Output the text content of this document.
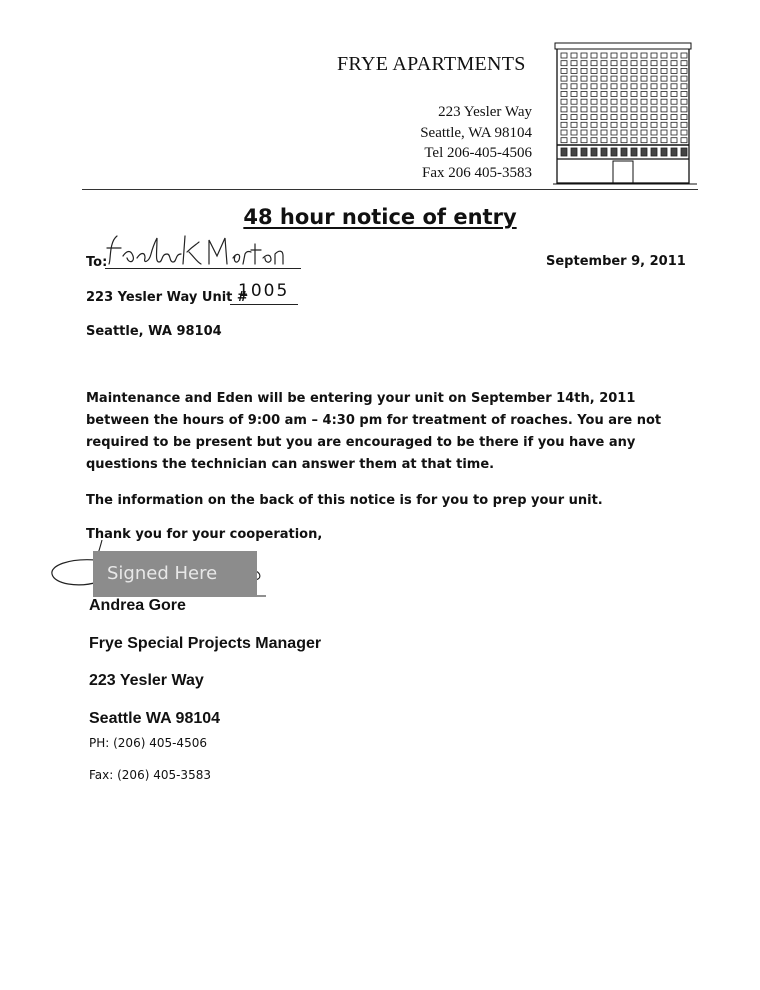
FRYE APARTMENTS
223 Yesler Way
Seattle, WA 98104
Tel 206-405-4506
Fax 206 405-3583
48 hour notice of entry
To:	September 9, 2011
223 Yesler Way Unit #
1005
Seattle, WA 98104
Maintenance and Eden will be entering your unit on September 14th, 2011 between the hours of 9:00 am – 4:30 pm for treatment of roaches. You are not required to be present but you are encouraged to be there if you have any questions the technician can answer them at that time.
The information on the back of this notice is for you to prep your unit.
Thank you for your cooperation,
Signed Here
Andrea Gore
Frye Special Projects Manager
223 Yesler Way
Seattle WA 98104
PH: (206) 405-4506
Fax: (206) 405-3583
